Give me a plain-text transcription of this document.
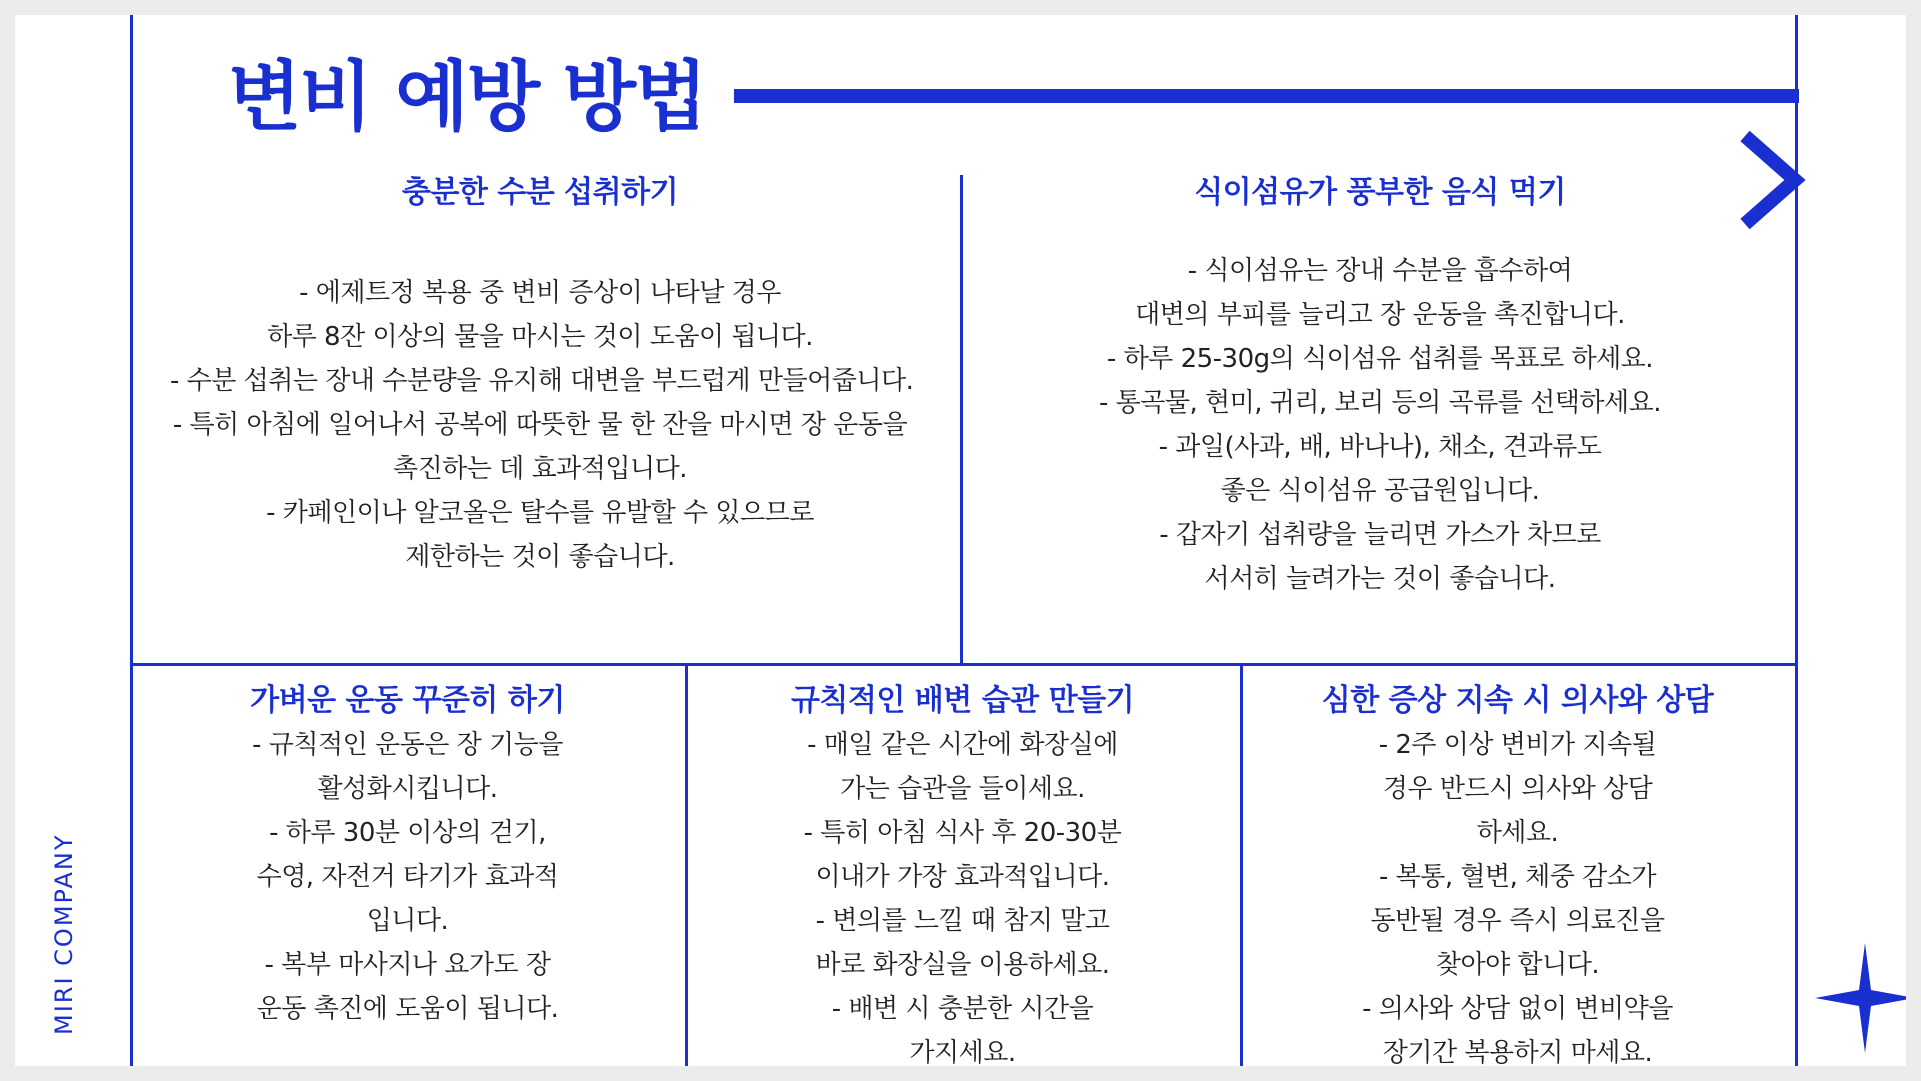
변비 예방 방법
MIRI COMPANY
충분한 수분 섭취하기
- 에제트정 복용 중 변비 증상이 나타날 경우
하루 8잔 이상의 물을 마시는 것이 도움이 됩니다.
- 수분 섭취는 장내 수분량을 유지해 대변을 부드럽게 만들어줍니다.
- 특히 아침에 일어나서 공복에 따뜻한 물 한 잔을 마시면 장 운동을
촉진하는 데 효과적입니다.
- 카페인이나 알코올은 탈수를 유발할 수 있으므로
제한하는 것이 좋습니다.
식이섬유가 풍부한 음식 먹기
- 식이섬유는 장내 수분을 흡수하여
대변의 부피를 늘리고 장 운동을 촉진합니다.
- 하루 25-30g의 식이섬유 섭취를 목표로 하세요.
- 통곡물, 현미, 귀리, 보리 등의 곡류를 선택하세요.
- 과일(사과, 배, 바나나), 채소, 견과류도
좋은 식이섬유 공급원입니다.
- 갑자기 섭취량을 늘리면 가스가 차므로
서서히 늘려가는 것이 좋습니다.
가벼운 운동 꾸준히 하기
- 규칙적인 운동은 장 기능을
활성화시킵니다.
- 하루 30분 이상의 걷기,
수영, 자전거 타기가 효과적
입니다.
- 복부 마사지나 요가도 장
운동 촉진에 도움이 됩니다.
규칙적인 배변 습관 만들기
- 매일 같은 시간에 화장실에
가는 습관을 들이세요.
- 특히 아침 식사 후 20-30분
이내가 가장 효과적입니다.
- 변의를 느낄 때 참지 말고
바로 화장실을 이용하세요.
- 배변 시 충분한 시간을
가지세요.
심한 증상 지속 시 의사와 상담
- 2주 이상 변비가 지속될
경우 반드시 의사와 상담
하세요.
- 복통, 혈변, 체중 감소가
동반될 경우 즉시 의료진을
찾아야 합니다.
- 의사와 상담 없이 변비약을
장기간 복용하지 마세요.
